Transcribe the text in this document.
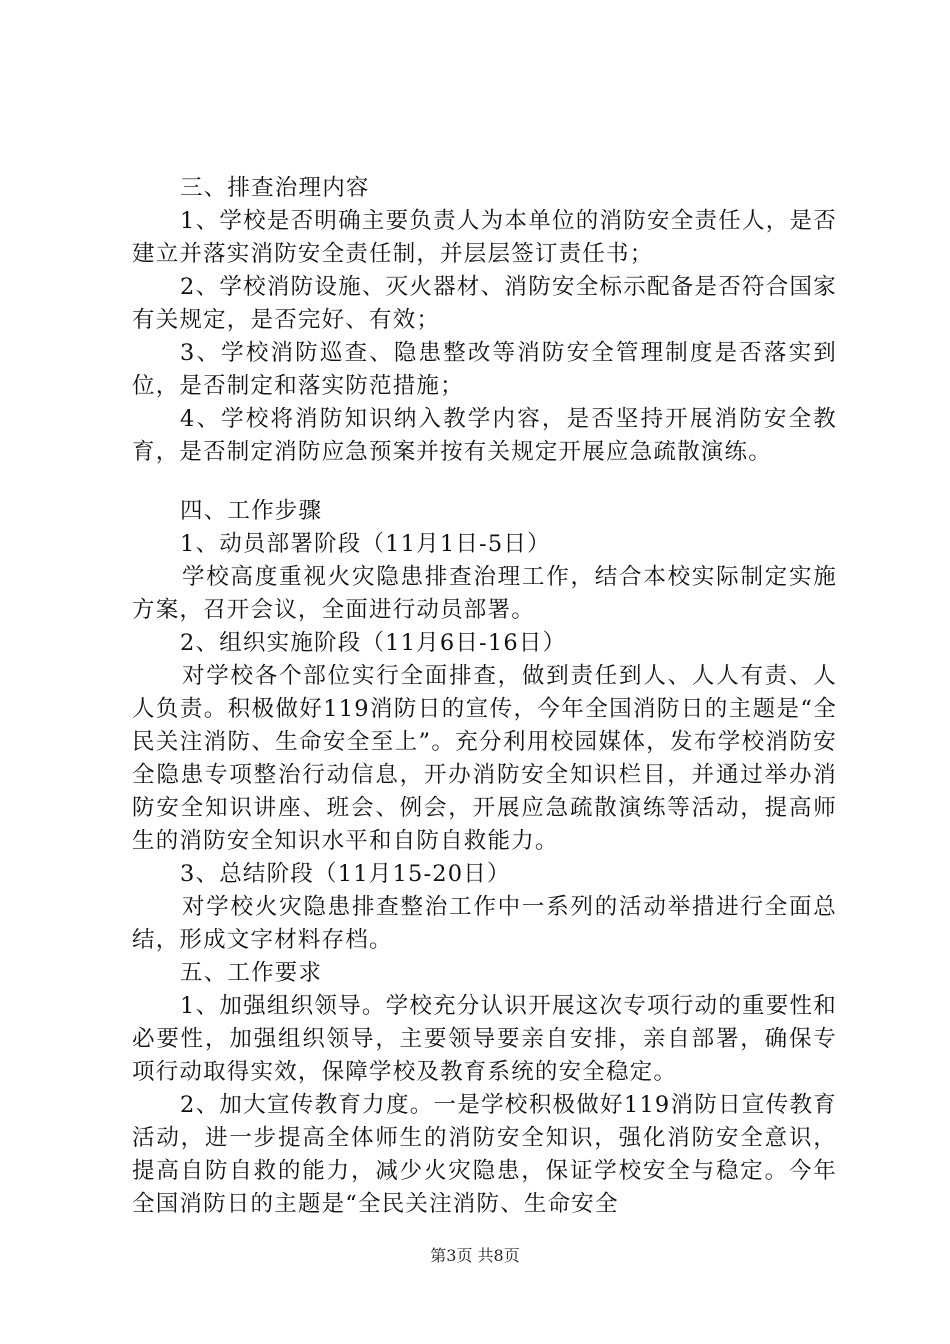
三、排查治理内容

1、学校是否明确主要负责人为本单位的消防安全责任人，是否建立并落实消防安全责任制，并层层签订责任书；

2、学校消防设施、灭火器材、消防安全标示配备是否符合国家有关规定，是否完好、有效；

3、学校消防巡查、隐患整改等消防安全管理制度是否落实到位，是否制定和落实防范措施；

4、学校将消防知识纳入教学内容，是否坚持开展消防安全教育，是否制定消防应急预案并按有关规定开展应急疏散演练。

四、工作步骤

1、动员部署阶段（11月1日-5日）

学校高度重视火灾隐患排查治理工作，结合本校实际制定实施方案，召开会议，全面进行动员部署。

2、组织实施阶段（11月6日-16日）

对学校各个部位实行全面排查，做到责任到人、人人有责、人人负责。积极做好119消防日的宣传，今年全国消防日的主题是“全民关注消防、生命安全至上”。充分利用校园媒体，发布学校消防安全隐患专项整治行动信息，开办消防安全知识栏目，并通过举办消防安全知识讲座、班会、例会，开展应急疏散演练等活动，提高师生的消防安全知识水平和自防自救能力。

3、总结阶段（11月15-20日）

对学校火灾隐患排查整治工作中一系列的活动举措进行全面总结，形成文字材料存档。

五、工作要求

1、加强组织领导。学校充分认识开展这次专项行动的重要性和必要性，加强组织领导，主要领导要亲自安排，亲自部署，确保专项行动取得实效，保障学校及教育系统的安全稳定。

2、加大宣传教育力度。一是学校积极做好119消防日宣传教育活动，进一步提高全体师生的消防安全知识，强化消防安全意识，提高自防自救的能力，减少火灾隐患，保证学校安全与稳定。今年全国消防日的主题是“全民关注消防、生命安全

第3页 共8页
